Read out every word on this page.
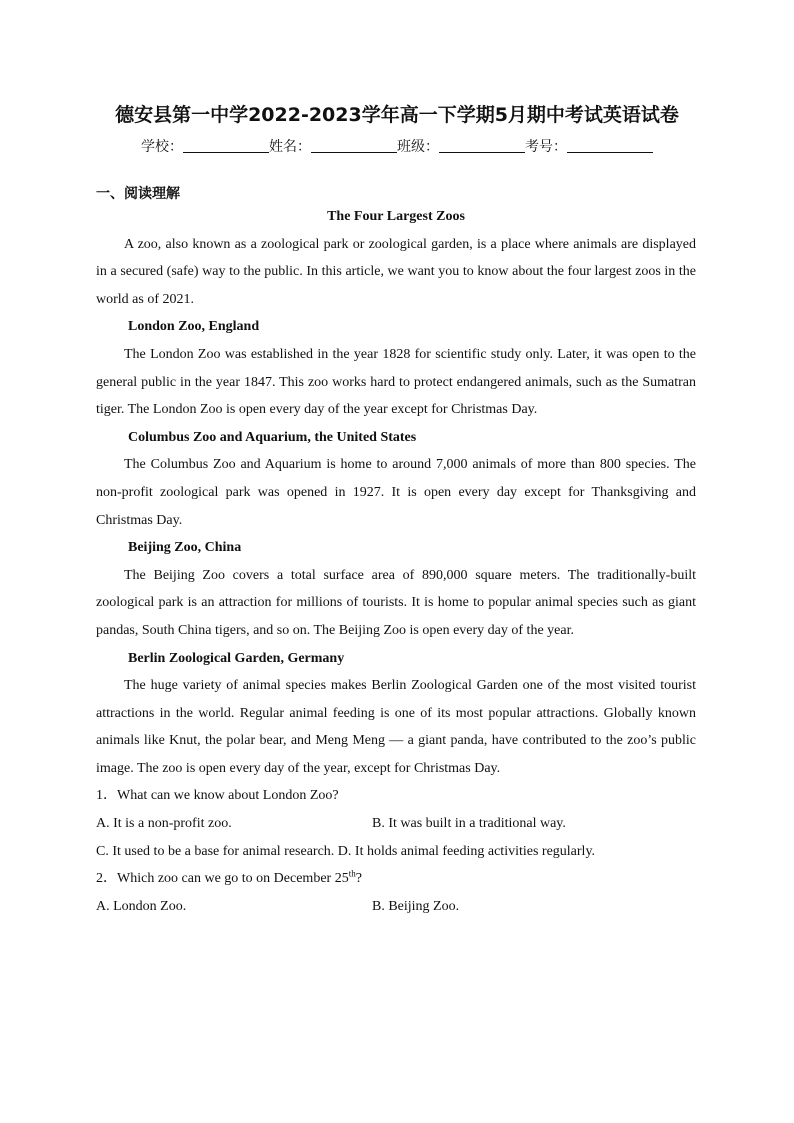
德安县第一中学2022-2023学年高一下学期5月期中考试英语试卷
学校：	姓名：	班级：	考号：
一、阅读理解

The Four Largest Zoos

A zoo, also known as a zoological park or zoological garden, is a place where animals are displayed in a secured (safe) way to the public. In this article, we want you to know about the four largest zoos in the world as of 2021.

London Zoo, England

The London Zoo was established in the year 1828 for scientific study only. Later, it was open to the general public in the year 1847. This zoo works hard to protect endangered animals, such as the Sumatran tiger. The London Zoo is open every day of the year except for Christmas Day.

Columbus Zoo and Aquarium, the United States

The Columbus Zoo and Aquarium is home to around 7,000 animals of more than 800 species. The non-profit zoological park was opened in 1927. It is open every day except for Thanksgiving and Christmas Day.

Beijing Zoo, China

The Beijing Zoo covers a total surface area of 890,000 square meters. The traditionally-built zoological park is an attraction for millions of tourists. It is home to popular animal species such as giant pandas, South China tigers, and so on. The Beijing Zoo is open every day of the year.

Berlin Zoological Garden, Germany

The huge variety of animal species makes Berlin Zoological Garden one of the most visited tourist attractions in the world. Regular animal feeding is one of its most popular attractions. Globally known animals like Knut, the polar bear, and Meng Meng — a giant panda, have contributed to the zoo’s public image. The zoo is open every day of the year, except for Christmas Day.

1．What can we know about London Zoo?

A. It is a non-profit zoo.	B. It was built in a traditional way.
C. It used to be a base for animal research.
D. It holds animal feeding activities regularly.

2．Which zoo can we go to on December 25th?

A. London Zoo.	B. Beijing Zoo.
